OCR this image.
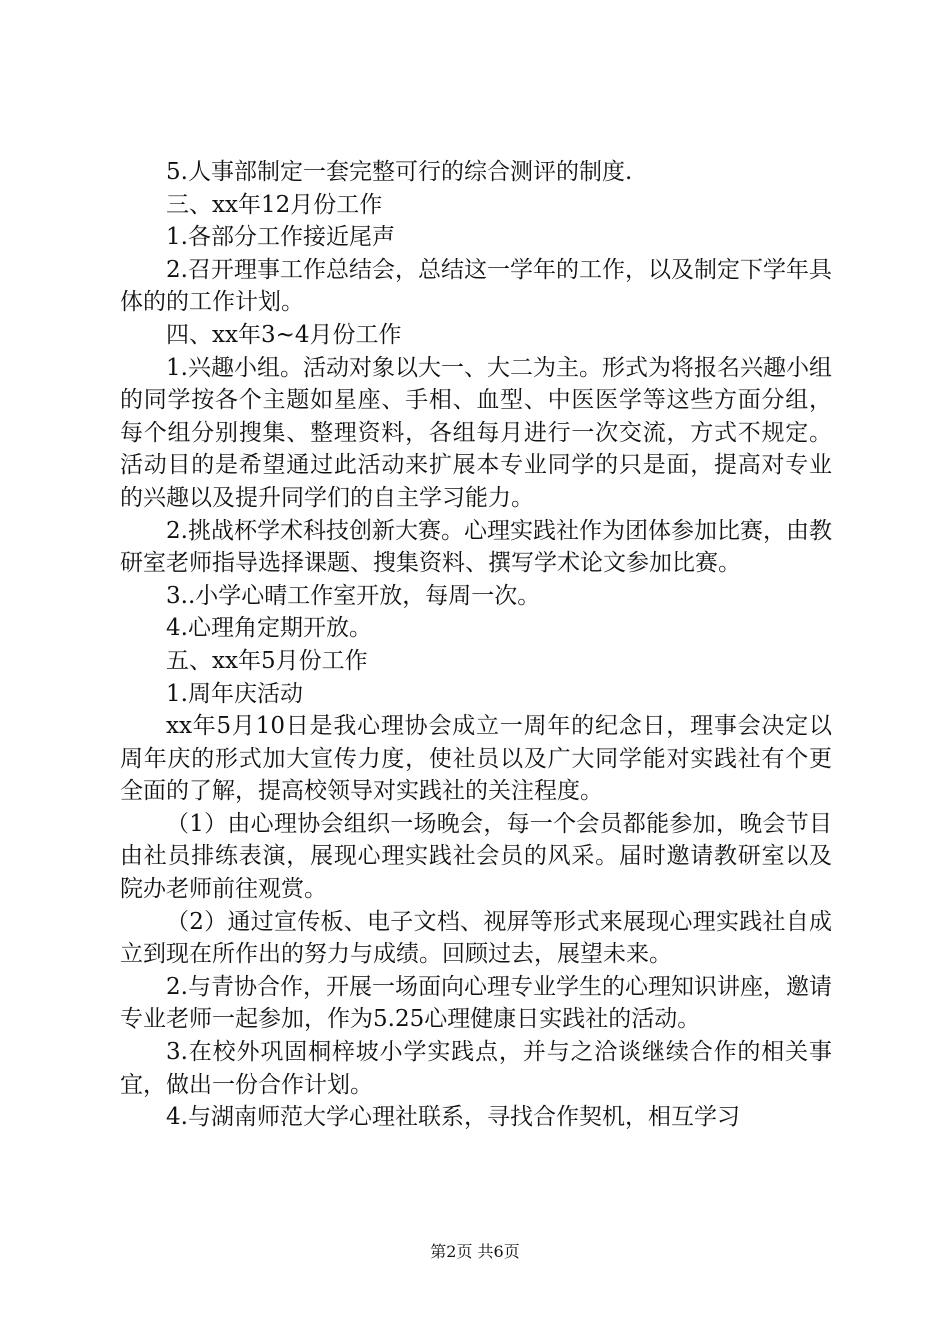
5.人事部制定一套完整可行的综合测评的制度.

三、xx年12月份工作

1.各部分工作接近尾声

2.召开理事工作总结会，总结这一学年的工作，以及制定下学年具体的的工作计划。

四、xx年3~4月份工作

1.兴趣小组。活动对象以大一、大二为主。形式为将报名兴趣小组的同学按各个主题如星座、手相、血型、中医医学等这些方面分组，每个组分别搜集、整理资料，各组每月进行一次交流，方式不规定。活动目的是希望通过此活动来扩展本专业同学的只是面，提高对专业的兴趣以及提升同学们的自主学习能力。

2.挑战杯学术科技创新大赛。心理实践社作为团体参加比赛，由教研室老师指导选择课题、搜集资料、撰写学术论文参加比赛。

3..小学心晴工作室开放，每周一次。

4.心理角定期开放。

五、xx年5月份工作

1.周年庆活动

xx年5月10日是我心理协会成立一周年的纪念日，理事会决定以周年庆的形式加大宣传力度，使社员以及广大同学能对实践社有个更全面的了解，提高校领导对实践社的关注程度。

（1）由心理协会组织一场晚会，每一个会员都能参加，晚会节目由社员排练表演，展现心理实践社会员的风采。届时邀请教研室以及院办老师前往观赏。

（2）通过宣传板、电子文档、视屏等形式来展现心理实践社自成立到现在所作出的努力与成绩。回顾过去，展望未来。

2.与青协合作，开展一场面向心理专业学生的心理知识讲座，邀请专业老师一起参加，作为5.25心理健康日实践社的活动。

3.在校外巩固桐梓坡小学实践点，并与之洽谈继续合作的相关事宜，做出一份合作计划。

4.与湖南师范大学心理社联系，寻找合作契机，相互学习

第2页 共6页
